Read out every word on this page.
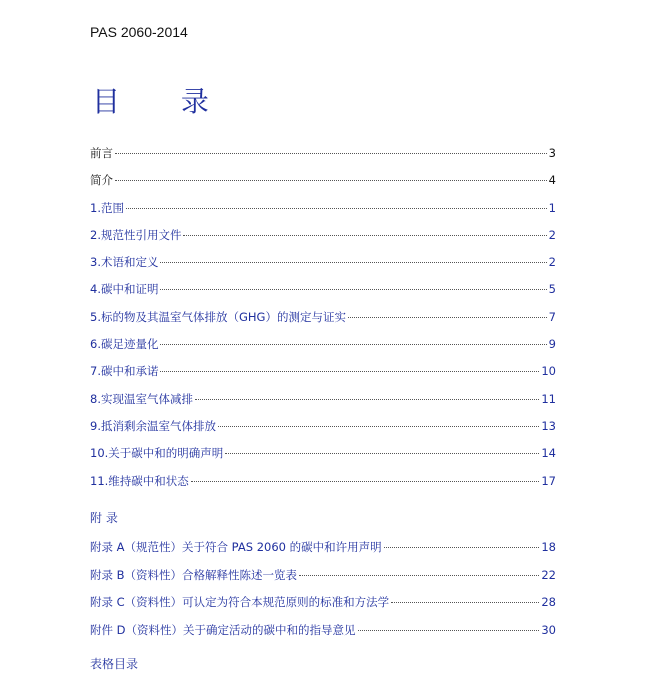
PAS 2060-2014
目 录
前言	3
简介	4
1.范围	1
2.规范性引用文件	2
3.术语和定义	2
4.碳中和证明	5
5.标的物及其温室气体排放（GHG）的测定与证实	7
6.碳足迹量化	9
7.碳中和承诺	10
8.实现温室气体减排	11
9.抵消剩余温室气体排放	13
10.关于碳中和的明确声明	14
11.维持碳中和状态	17
附 录
附录 A（规范性）关于符合 PAS 2060 的碳中和许用声明	18
附录 B（资料性）合格解释性陈述一览表	22
附录 C（资料性）可认定为符合本规范原则的标准和方法学	28
附件 D（资料性）关于确定活动的碳中和的指导意见	30
表格目录
